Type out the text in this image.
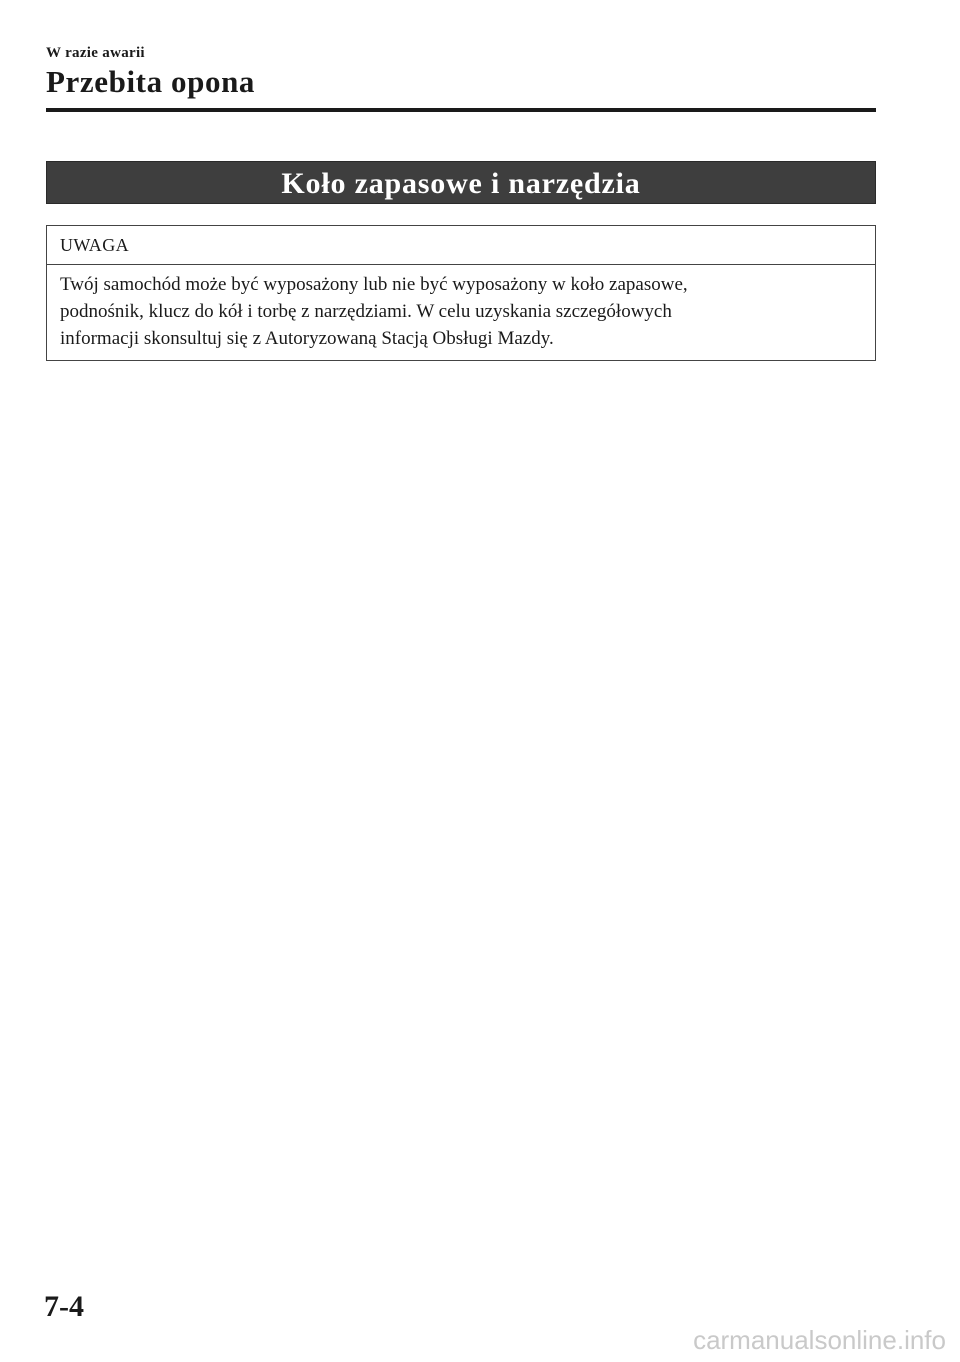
W razie awarii

Przebita opona
Koło zapasowe i narzędzia
UWAGA
Twój samochód może być wyposażony lub nie być wyposażony w koło zapasowe,
podnośnik, klucz do kół i torbę z narzędziami. W celu uzyskania szczegółowych
informacji skonsultuj się z Autoryzowaną Stacją Obsługi Mazdy.
7-4
carmanualsonline.info
